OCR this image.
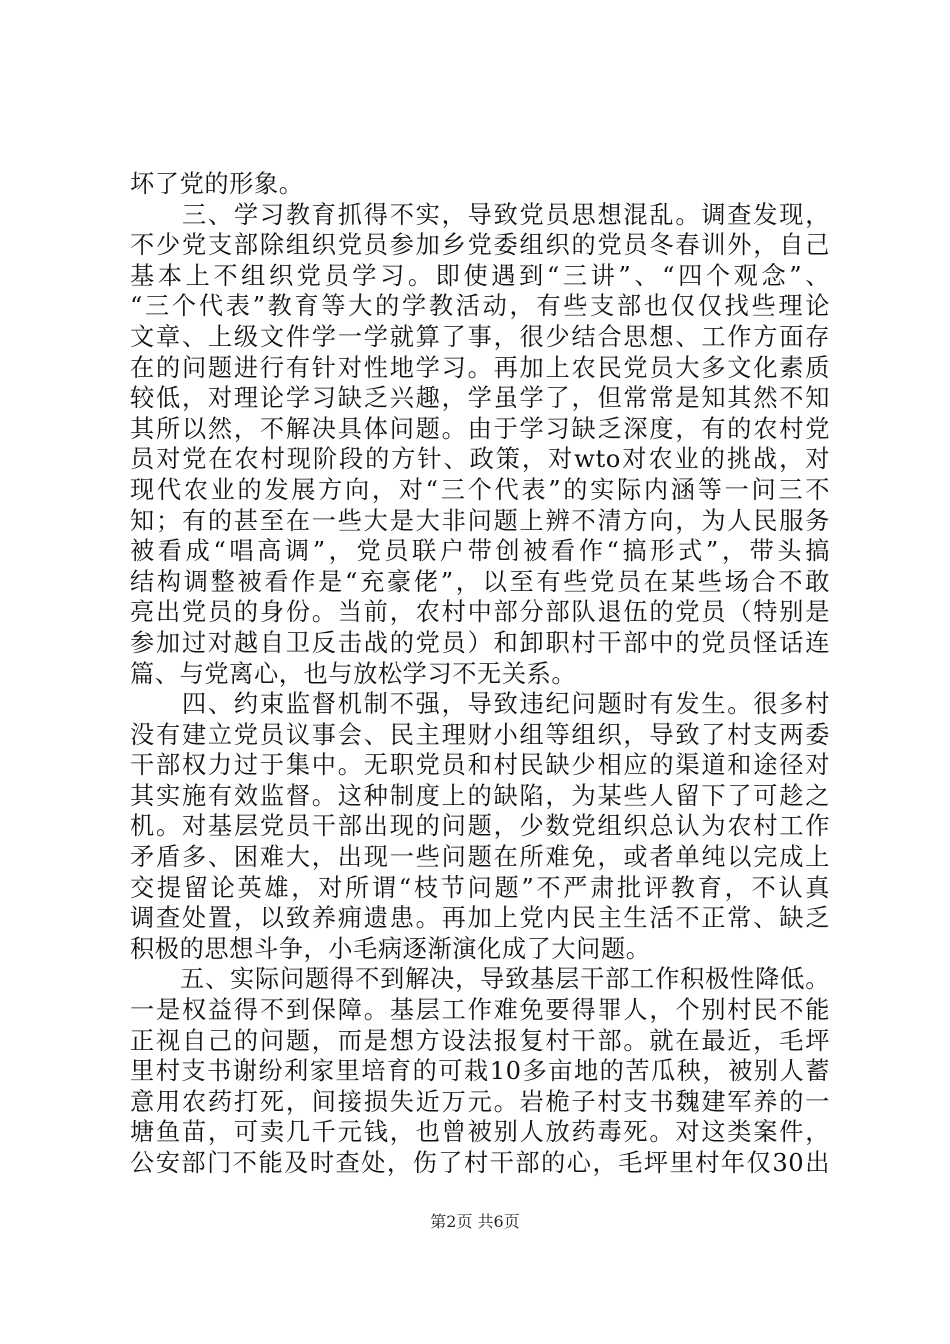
坏了党的形象。
　　三、学习教育抓得不实，导致党员思想混乱。调查发现，
不少党支部除组织党员参加乡党委组织的党员冬春训外，自己
基本上不组织党员学习。即使遇到“三讲”、“四个观念”、
“三个代表”教育等大的学教活动，有些支部也仅仅找些理论
文章、上级文件学一学就算了事，很少结合思想、工作方面存
在的问题进行有针对性地学习。再加上农民党员大多文化素质
较低，对理论学习缺乏兴趣，学虽学了，但常常是知其然不知
其所以然，不解决具体问题。由于学习缺乏深度，有的农村党
员对党在农村现阶段的方针、政策，对wto对农业的挑战，对
现代农业的发展方向，对“三个代表”的实际内涵等一问三不
知；有的甚至在一些大是大非问题上辨不清方向，为人民服务
被看成“唱高调”，党员联户带创被看作“搞形式”，带头搞
结构调整被看作是“充豪佬”，以至有些党员在某些场合不敢
亮出党员的身份。当前，农村中部分部队退伍的党员（特别是
参加过对越自卫反击战的党员）和卸职村干部中的党员怪话连
篇、与党离心，也与放松学习不无关系。
　　四、约束监督机制不强，导致违纪问题时有发生。很多村
没有建立党员议事会、民主理财小组等组织，导致了村支两委
干部权力过于集中。无职党员和村民缺少相应的渠道和途径对
其实施有效监督。这种制度上的缺陷，为某些人留下了可趁之
机。对基层党员干部出现的问题，少数党组织总认为农村工作
矛盾多、困难大，出现一些问题在所难免，或者单纯以完成上
交提留论英雄，对所谓“枝节问题”不严肃批评教育，不认真
调查处置，以致养痈遗患。再加上党内民主生活不正常、缺乏
积极的思想斗争，小毛病逐渐演化成了大问题。
　　五、实际问题得不到解决，导致基层干部工作积极性降低。
一是权益得不到保障。基层工作难免要得罪人，个别村民不能
正视自己的问题，而是想方设法报复村干部。就在最近，毛坪
里村支书谢纷利家里培育的可栽10多亩地的苦瓜秧，被别人蓄
意用农药打死，间接损失近万元。岩桅子村支书魏建军养的一
塘鱼苗，可卖几千元钱，也曾被别人放药毒死。对这类案件，
公安部门不能及时查处，伤了村干部的心，毛坪里村年仅30出
第2页 共6页
